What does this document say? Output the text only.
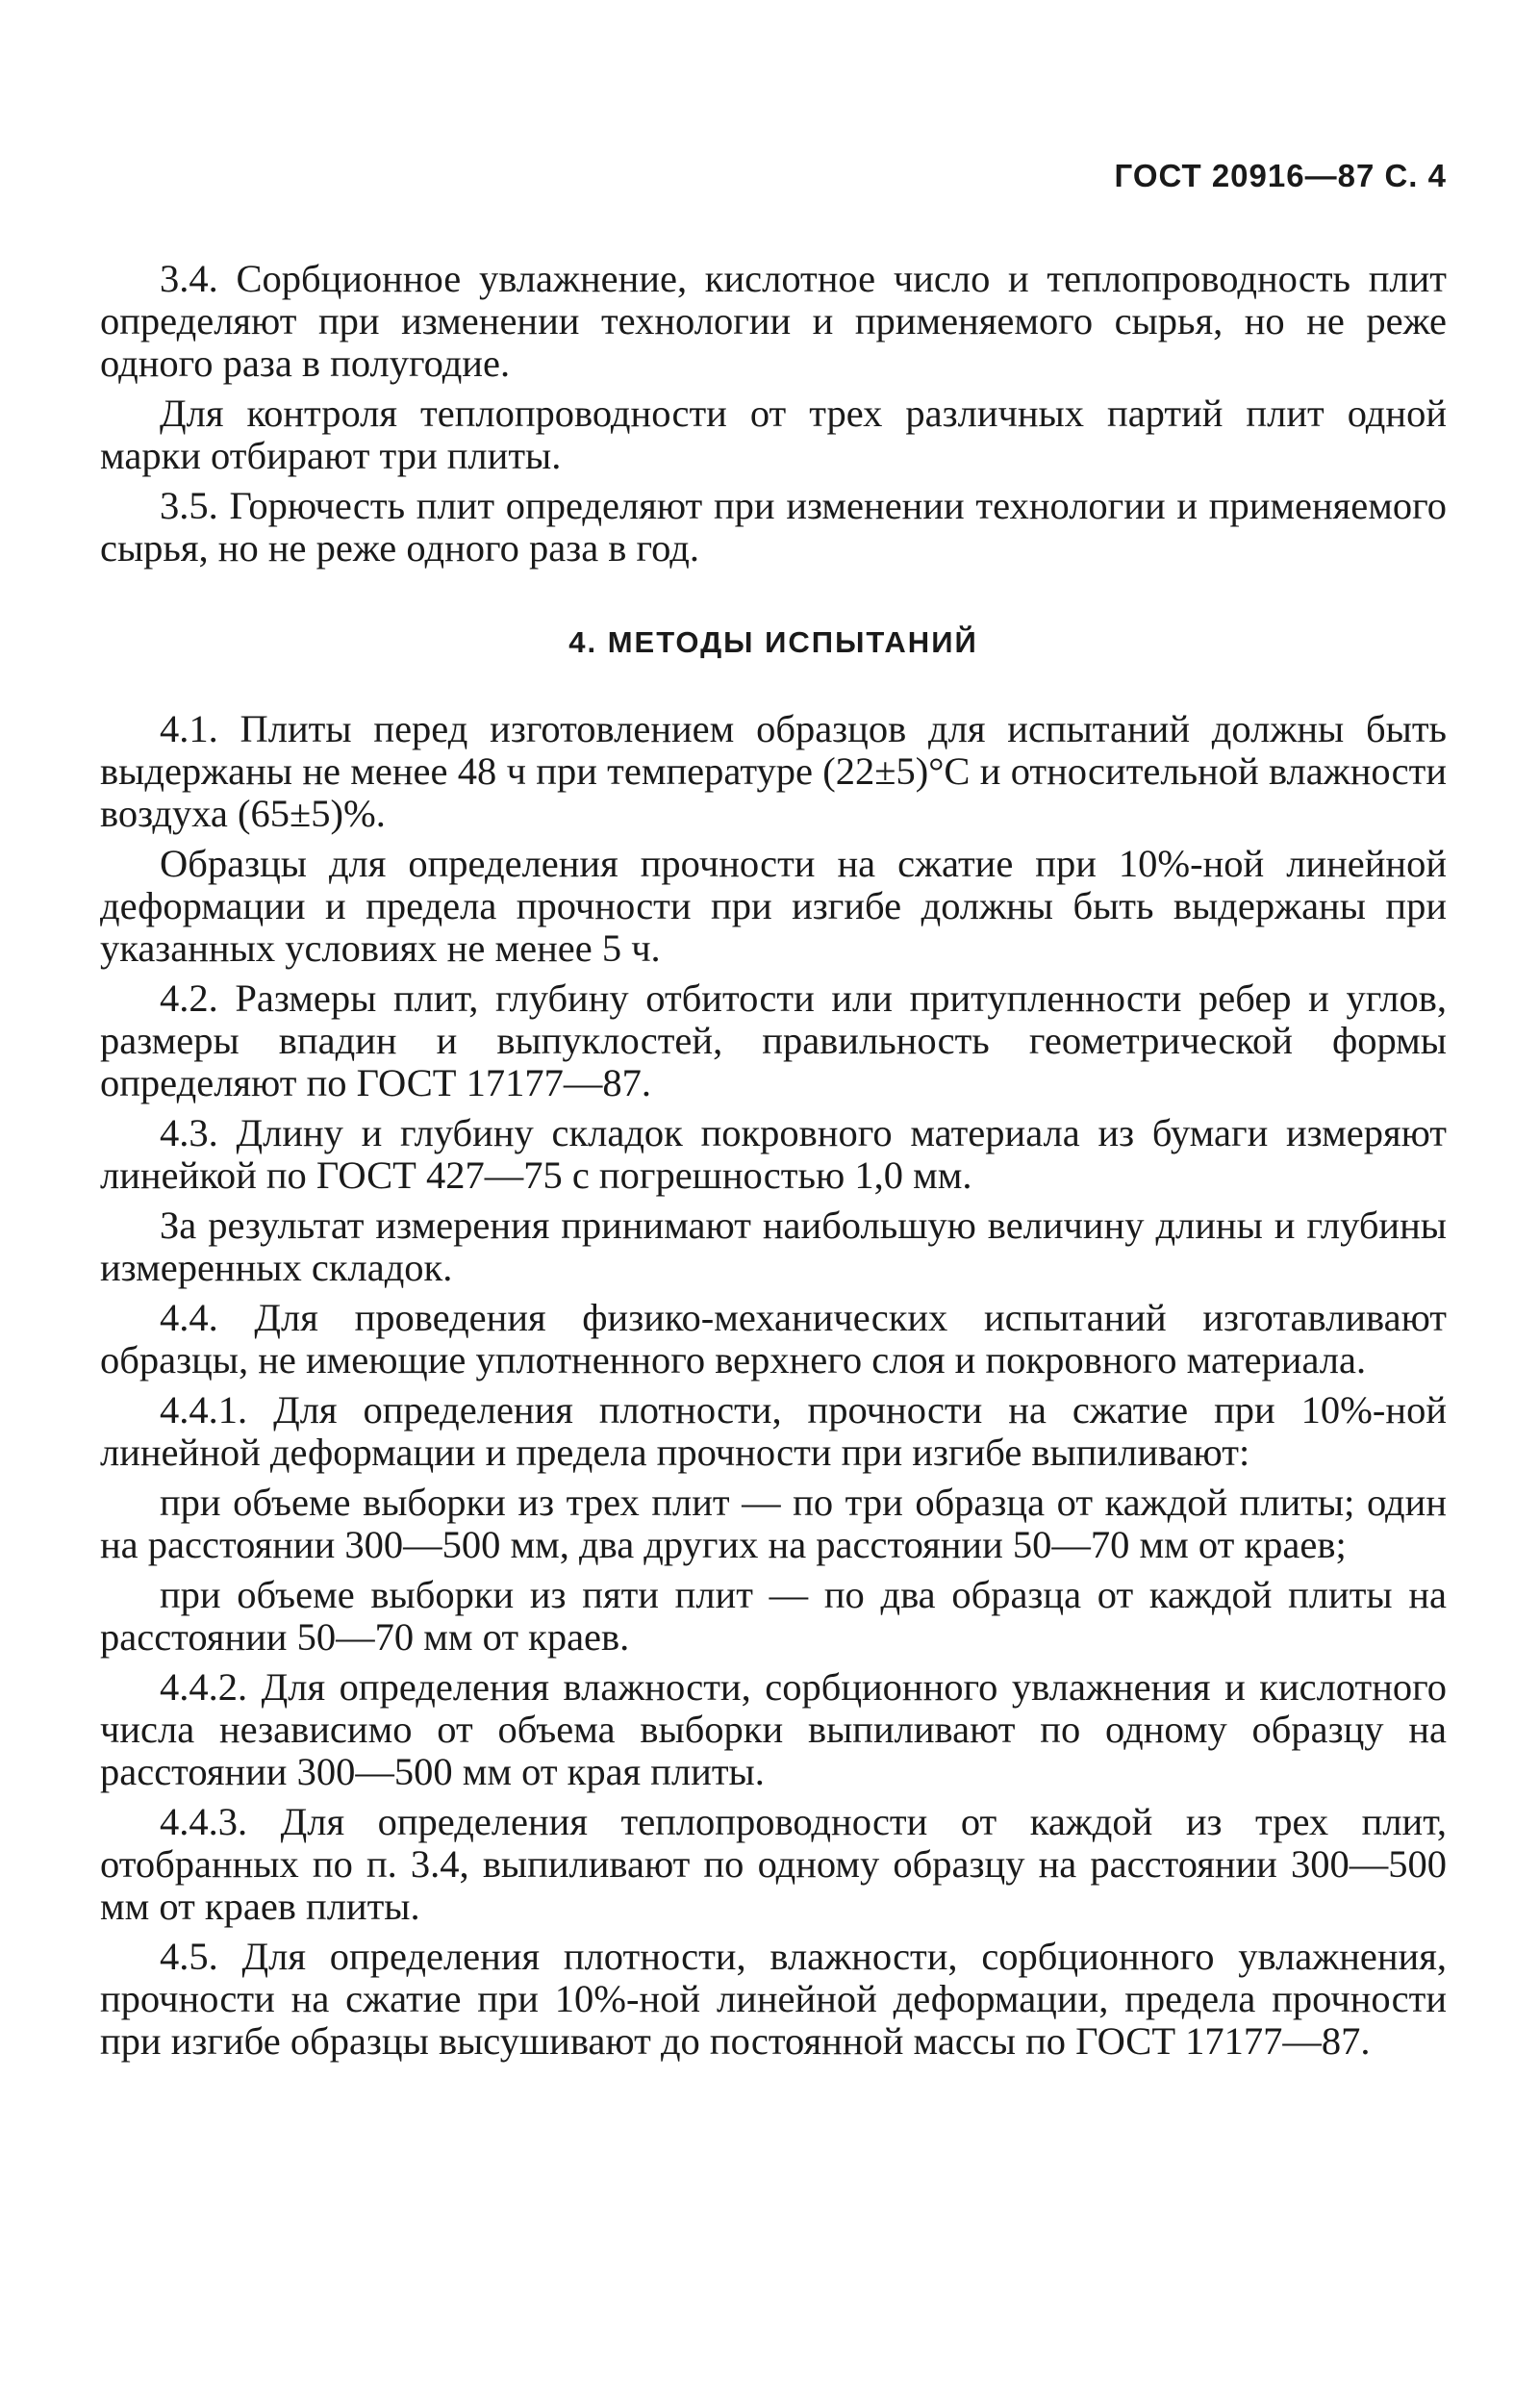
ГОСТ 20916—87 С. 4

3.4. Сорбционное увлажнение, кислотное число и теплопроводность плит определяют при изменении технологии и применяемого сырья, но не реже одного раза в полугодие.

Для контроля теплопроводности от трех различных партий плит одной марки отбирают три плиты.

3.5. Горючесть плит определяют при изменении технологии и применяемого сырья, но не реже одного раза в год.

4. МЕТОДЫ ИСПЫТАНИЙ

4.1. Плиты перед изготовлением образцов для испытаний должны быть выдержаны не менее 48 ч при температуре (22±5)°С и относительной влажности воздуха (65±5)%.

Образцы для определения прочности на сжатие при 10%-ной линейной деформации и предела прочности при изгибе должны быть выдержаны при указанных условиях не менее 5 ч.

4.2. Размеры плит, глубину отбитости или притупленности ребер и углов, размеры впадин и выпуклостей, правильность геометрической формы определяют по ГОСТ 17177—87.

4.3. Длину и глубину складок покровного материала из бумаги измеряют линейкой по ГОСТ 427—75 с погрешностью 1,0 мм.

За результат измерения принимают наибольшую величину длины и глубины измеренных складок.

4.4. Для проведения физико-механических испытаний изготавливают образцы, не имеющие уплотненного верхнего слоя и покровного материала.

4.4.1. Для определения плотности, прочности на сжатие при 10%-ной линейной деформации и предела прочности при изгибе выпиливают:

при объеме выборки из трех плит — по три образца от каждой плиты; один на расстоянии 300—500 мм, два других на расстоянии 50—70 мм от краев;

при объеме выборки из пяти плит — по два образца от каждой плиты на расстоянии 50—70 мм от краев.

4.4.2. Для определения влажности, сорбционного увлажнения и кислотного числа независимо от объема выборки выпиливают по одному образцу на расстоянии 300—500 мм от края плиты.

4.4.3. Для определения теплопроводности от каждой из трех плит, отобранных по п. 3.4, выпиливают по одному образцу на расстоянии 300—500 мм от краев плиты.

4.5. Для определения плотности, влажности, сорбционного увлажнения, прочности на сжатие при 10%-ной линейной деформации, предела прочности при изгибе образцы высушивают до постоянной массы по ГОСТ 17177—87.
